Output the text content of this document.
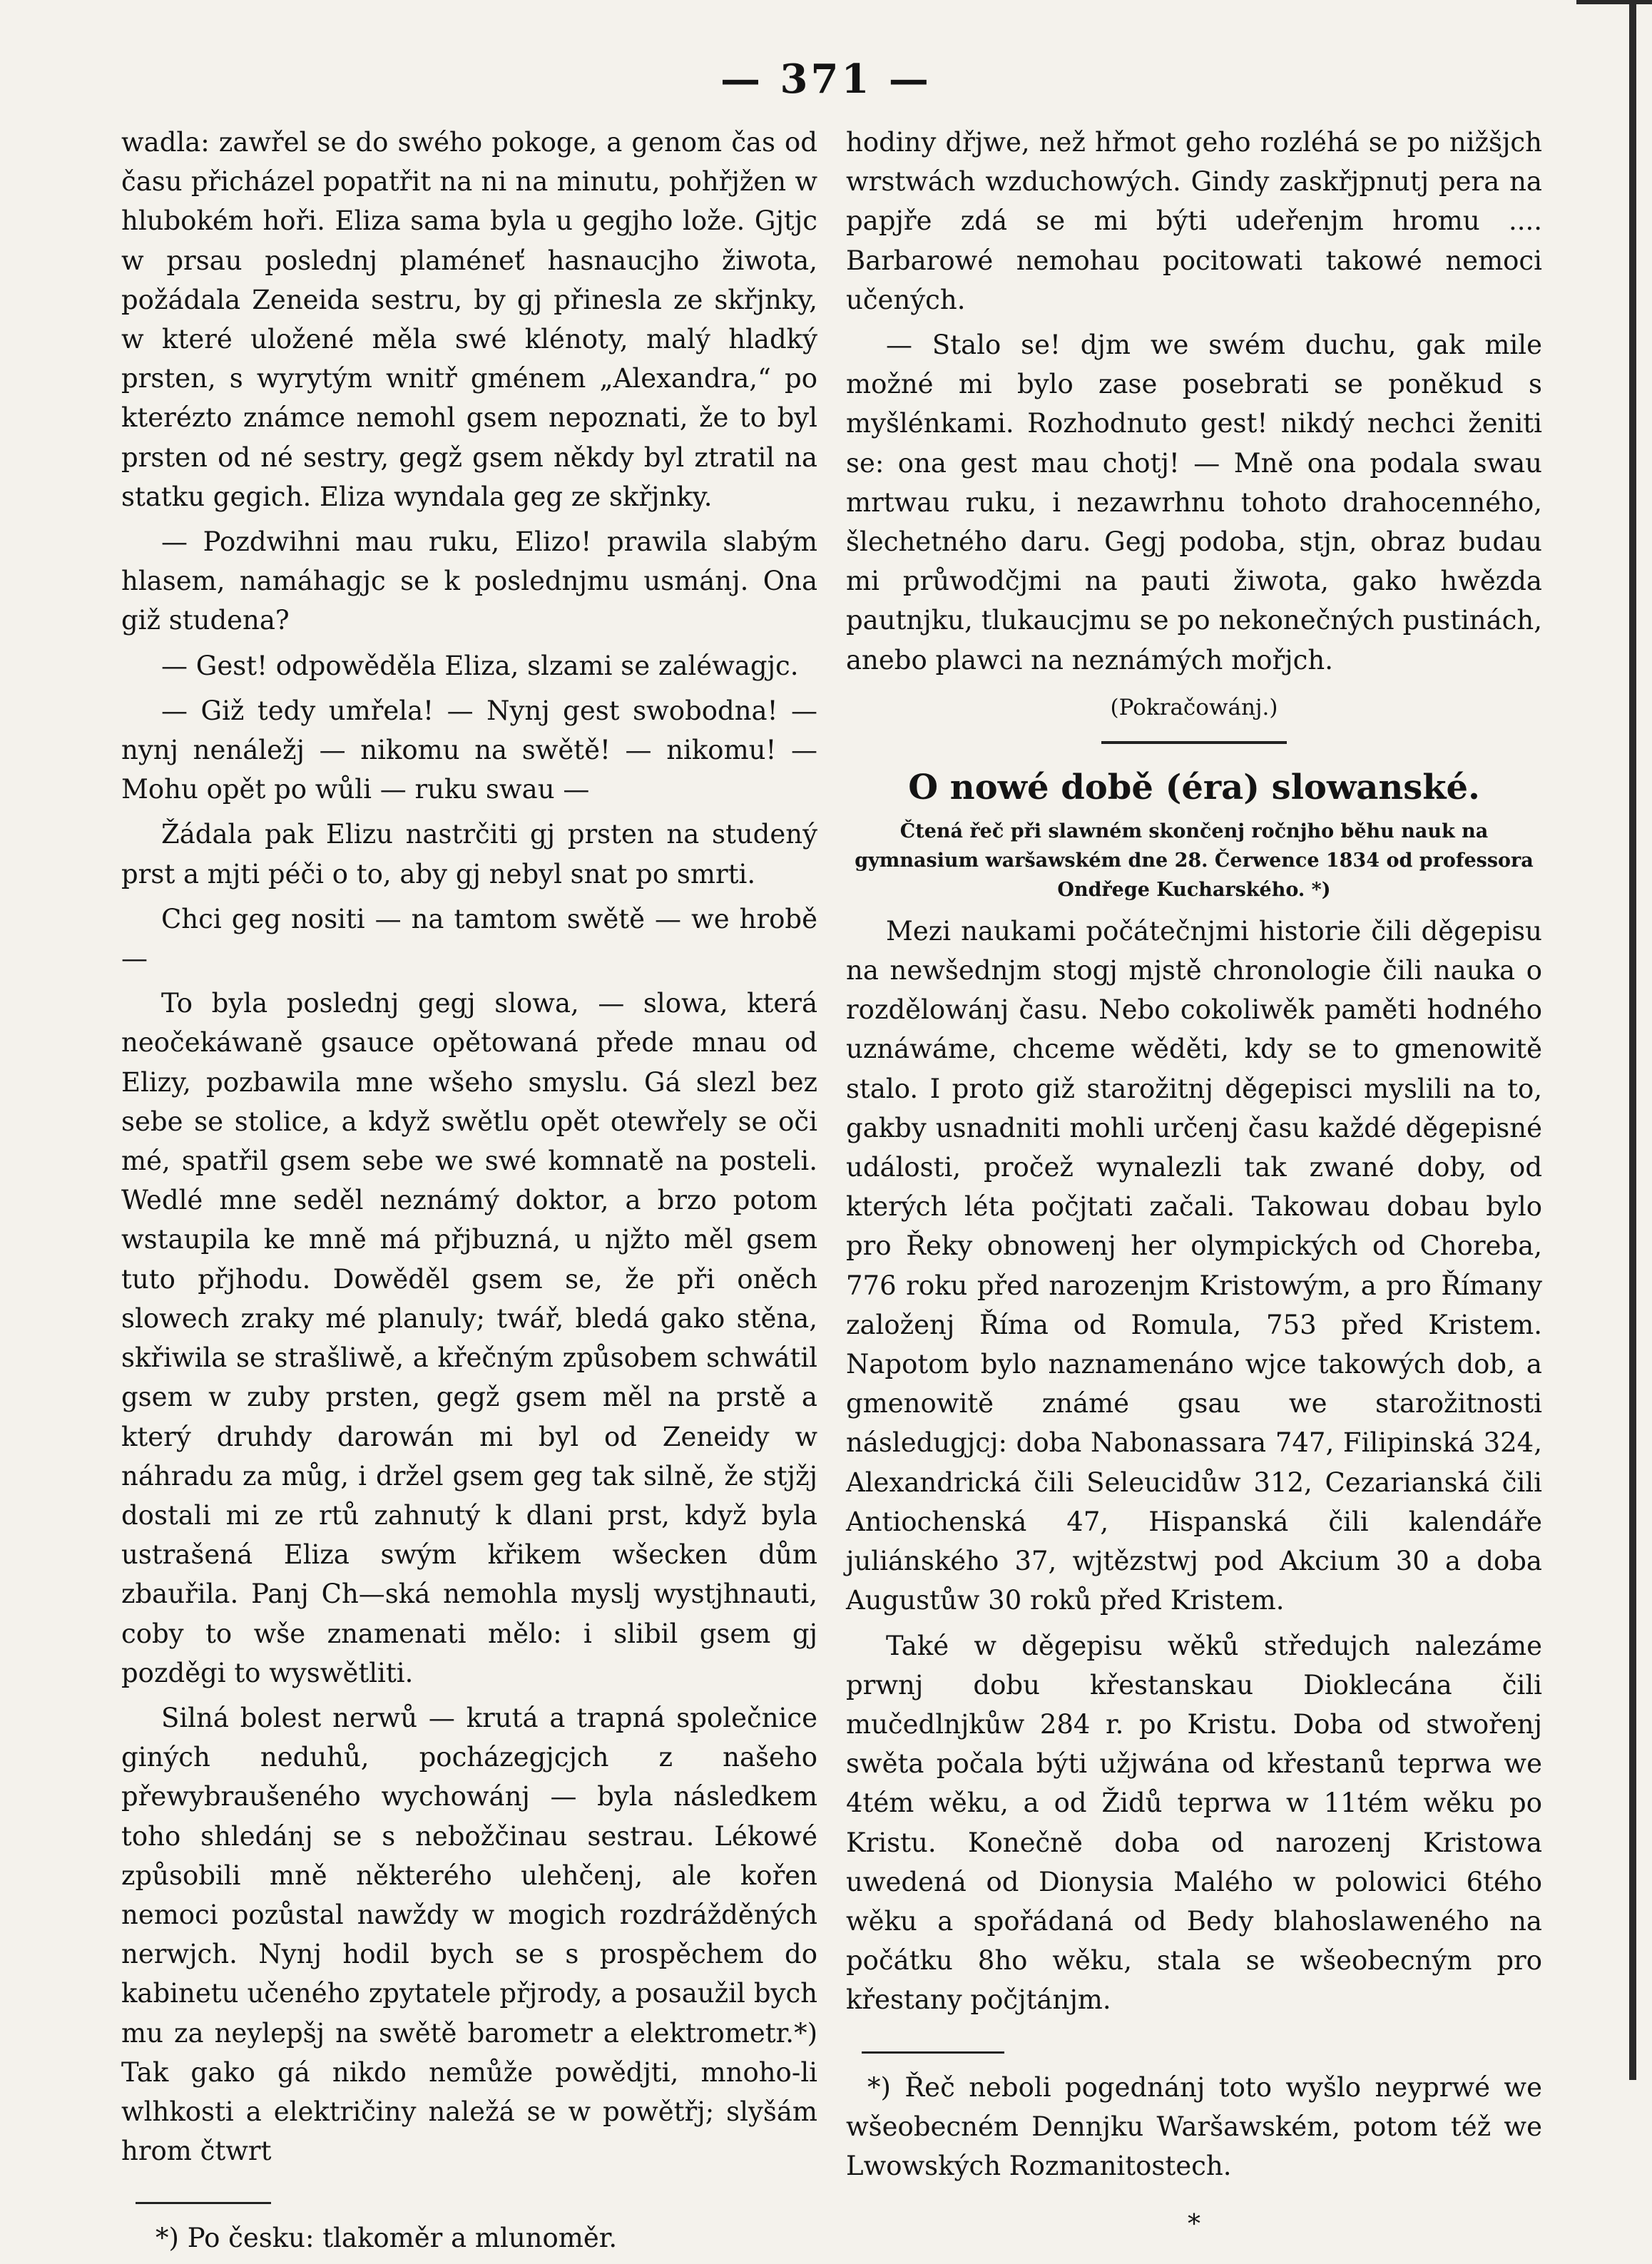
— 371 —

wadla: zawřel se do swého pokoge, a genom čas od času přicházel popatřit na ni na minutu, pohřjžen w hlubokém hoři. Eliza sama byla u gegjho lože. Gjtjc w prsau poslednj plaméneť hasnaucjho žiwota, požádala Zeneida sestru, by gj přinesla ze skřjnky, w které uložené měla swé klénoty, malý hladký prsten, s wyrytým wnitř gménem „Alexandra,“ po kterézto známce nemohl gsem nepoznati, že to byl prsten od né sestry, gegž gsem někdy byl ztratil na statku gegich. Eliza wyndala geg ze skřjnky.

— Pozdwihni mau ruku, Elizo! prawila slabým hlasem, namáhagjc se k poslednjmu usmánj. Ona giž studena?

— Gest! odpowěděla Eliza, slzami se zaléwagjc.

— Giž tedy umřela! — Nynj gest swobodna! — nynj nenáležj — nikomu na swětě! — nikomu! — Mohu opět po wůli — ruku swau —

Žádala pak Elizu nastrčiti gj prsten na studený prst a mjti péči o to, aby gj nebyl snat po smrti.

Chci geg nositi — na tamtom swětě — we hrobě —

To byla poslednj gegj slowa, — slowa, která neočekáwaně gsauce opětowaná přede mnau od Elizy, pozbawila mne wšeho smyslu. Gá slezl bez sebe se stolice, a když swětlu opět otewřely se oči mé, spatřil gsem sebe we swé komnatě na posteli. Wedlé mne seděl neznámý doktor, a brzo potom wstaupila ke mně má přjbuzná, u njžto měl gsem tuto přjhodu. Dowěděl gsem se, že při oněch slowech zraky mé planuly; twář, bledá gako stěna, skřiwila se strašliwě, a křečným způsobem schwátil gsem w zuby prsten, gegž gsem měl na prstě a který druhdy darowán mi byl od Zeneidy w náhradu za můg, i držel gsem geg tak silně, že stjžj dostali mi ze rtů zahnutý k dlani prst, když byla ustrašená Eliza swým křikem wšecken dům zbauřila. Panj Ch—ská nemohla myslj wystjhnauti, coby to wše znamenati mělo: i slibil gsem gj pozděgi to wyswětliti.

Silná bolest nerwů — krutá a trapná společnice giných neduhů, pocházegjcjch z našeho přewybraušeného wychowánj — byla následkem toho shledánj se s nebožčinau sestrau. Lékowé způsobili mně některého ulehčenj, ale kořen nemoci pozůstal nawždy w mogich rozdrážděných nerwjch. Nynj hodil bych se s prospěchem do kabinetu učeného zpytatele přjrody, a posaužil bych mu za neylepšj na swětě barometr a elektrometr.*) Tak gako gá nikdo nemůže powědjti, mnoho-li wlhkosti a električiny naležá se w powětřj; slyšám hrom čtwrt

*) Po česku: tlakoměr a mlunoměr.

hodiny dřjwe, než hřmot geho rozléhá se po nižšjch wrstwách wzduchowých. Gindy zaskřjpnutj pera na papjře zdá se mi býti udeřenjm hromu .... Barbarowé nemohau pocitowati takowé nemoci učených.

— Stalo se! djm we swém duchu, gak mile možné mi bylo zase posebrati se poněkud s myšlénkami. Rozhodnuto gest! nikdý nechci ženiti se: ona gest mau chotj! — Mně ona podala swau mrtwau ruku, i nezawrhnu tohoto drahocenného, šlechetného daru. Gegj podoba, stjn, obraz budau mi průwodčjmi na pauti žiwota, gako hwězda pautnjku, tlukaucjmu se po nekonečných pustinách, anebo plawci na neznámých mořjch.

(Pokračowánj.)
O nowé době (éra) slowanské.
Čtená řeč při slawném skončenj ročnjho běhu nauk na gymnasium waršawském dne 28. Čerwence 1834 od professora Ondřege Kucharského. *)

Mezi naukami počátečnjmi historie čili děgepisu na newšednjm stogj mjstě chronologie čili nauka o rozdělowánj času. Nebo cokoliwěk paměti hodného uznáwáme, chceme wěděti, kdy se to gmenowitě stalo. I proto giž starožitnj děgepisci myslili na to, gakby usnadniti mohli určenj času každé děgepisné události, pročež wynalezli tak zwané doby, od kterých léta počjtati začali. Takowau dobau bylo pro Řeky obnowenj her olympických od Choreba, 776 roku před narozenjm Kristowým, a pro Římany založenj Říma od Romula, 753 před Kristem. Napotom bylo naznamenáno wjce takowých dob, a gmenowitě známé gsau we starožitnosti následugjcj: doba Nabonassara 747, Filipinská 324, Alexandrická čili Seleucidůw 312, Cezarianská čili Antiochenská 47, Hispanská čili kalendáře juliánského 37, wjtězstwj pod Akcium 30 a doba Augustůw 30 roků před Kristem.

Také w děgepisu wěků středujch nalezáme prwnj dobu křestanskau Dioklecána čili mučedlnjkůw 284 r. po Kristu. Doba od stwořenj swěta počala býti užjwána od křestanů teprwa we 4tém wěku, a od Židů teprwa w 11tém wěku po Kristu. Konečně doba od narozenj Kristowa uwedená od Dionysia Malého w polowici 6tého wěku a spořádaná od Bedy blahoslaweného na počátku 8ho wěku, stala se wšeobecným pro křestany počjtánjm.

*) Řeč neboli pogednánj toto wyšlo neyprwé we wšeobecném Dennjku Waršawském, potom též we Lwowských Rozmanitostech.

*
